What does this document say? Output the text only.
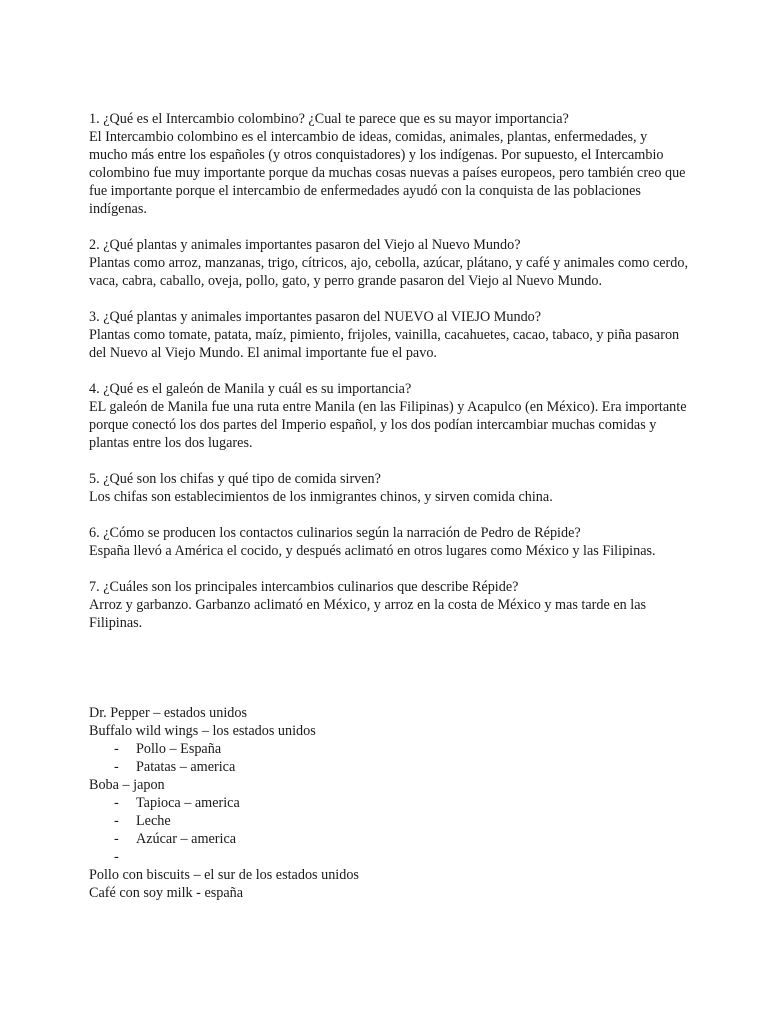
1. ¿Qué es el Intercambio colombino? ¿Cual te parece que es su mayor importancia?

El Intercambio colombino es el intercambio de ideas, comidas, animales, plantas, enfermedades, y mucho más entre los españoles (y otros conquistadores) y los indígenas. Por supuesto, el Intercambio colombino fue muy importante porque da muchas cosas nuevas a países europeos, pero también creo que fue importante porque el intercambio de enfermedades ayudó con la conquista de las poblaciones indígenas.

2. ¿Qué plantas y animales importantes pasaron del Viejo al Nuevo Mundo?

Plantas como arroz, manzanas, trigo, cítricos, ajo, cebolla, azúcar, plátano, y café y animales como cerdo, vaca, cabra, caballo, oveja, pollo, gato, y perro grande pasaron del Viejo al Nuevo Mundo.

3. ¿Qué plantas y animales importantes pasaron del NUEVO al VIEJO Mundo?

Plantas como tomate, patata, maíz, pimiento, frijoles, vainilla, cacahuetes, cacao, tabaco, y piña pasaron del Nuevo al Viejo Mundo. El animal importante fue el pavo.

4. ¿Qué es el galeón de Manila y cuál es su importancia?

EL galeón de Manila fue una ruta entre Manila (en las Filipinas) y Acapulco (en México). Era importante porque conectó los dos partes del Imperio español, y los dos podían intercambiar muchas comidas y plantas entre los dos lugares.

5. ¿Qué son los chifas y qué tipo de comida sirven?

Los chifas son establecimientos de los inmigrantes chinos, y sirven comida china.

6. ¿Cómo se producen los contactos culinarios según la narración de Pedro de Répide?

España llevó a América el cocido, y después aclimató en otros lugares como México y las Filipinas.

7. ¿Cuáles son los principales intercambios culinarios que describe Répide?

Arroz y garbanzo. Garbanzo aclimató en México, y arroz en la costa de México y mas tarde en las Filipinas.

Dr. Pepper – estados unidos

Buffalo wild wings – los estados unidos

- Pollo – España
- Patatas – america

Boba – japon

- Tapioca – america
- Leche
- Azúcar – america
-

Pollo con biscuits – el sur de los estados unidos

Café con soy milk - españa
